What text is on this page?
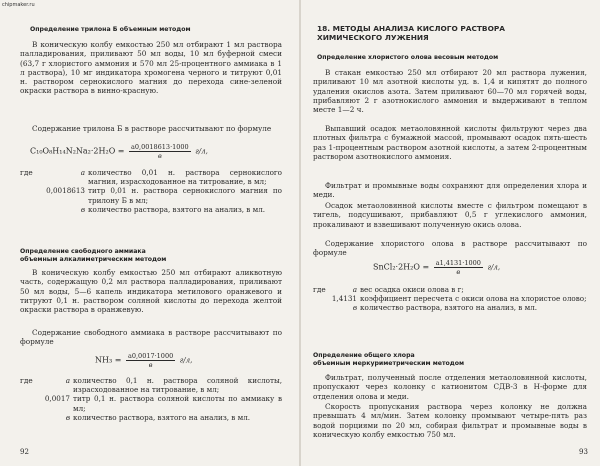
chipmaker.ru
Определение трилона Б объемным методом
В коническую колбу емкостью 250 мл отбирают 1 мл раствора палладирования, приливают 50 мл воды, 10 мл буферной смеси (63,7 г хлористого аммония и 570 мл 25-процентного аммиака в 1 л раствора), 10 мг индикатора хромогена черного и титруют 0,01 н. раствором сернокислого магния до перехода сине-зеленой окраски раствора в винно-красную.
Содержание трилона Б в растворе рассчитывают по формуле
$C_{10}O_8H_{14}N_2Na_2\cdot 2H_2O = \frac{a0,0018613\cdot 1000}{в} г/л$,
где	а количество 0,01 н. раствора сернокислого магния, израсходованное на титрование, в мл;
0,0018613 титр 0,01 н. раствора сернокислого магния по трилону Б в мл;
в количество раствора, взятого на анализ, в мл.
Определение свободного аммиака
объемным алкалиметрическим методом
В коническую колбу емкостью 250 мл отбирают аликвотную часть, содержащую 0,2 мл раствора палладирования, приливают 50 мл воды, 5—6 капель индикатора метилового оранжевого и титруют 0,1 н. раствором соляной кислоты до перехода желтой окраски раствора в оранжевую.
Содержание свободного аммиака в растворе рассчитывают по формуле
$NH_3 = \frac{a0,0017\cdot 1000}{в} г/л$,
где	а количество 0,1 н. раствора соляной кислоты, израсходованное на титрование, в мл;
0,0017 титр 0,1 н. раствора соляной кислоты по аммиаку в мл;
в количество раствора, взятого на анализ, в мл.
92
18. МЕТОДЫ АНАЛИЗА КИСЛОГО РАСТВОРА ХИМИЧЕСКОГО ЛУЖЕНИЯ
Определение хлористого олова весовым методом
В стакан емкостью 250 мл отбирают 20 мл раствора лужения, приливают 10 мл азотной кислоты уд. в. 1,4 и кипятят до полного удаления окислов азота. Затем приливают 60—70 мл горячей воды, прибавляют 2 г азотнокислого аммония и выдерживают в теплом месте 1—2 ч.
Выпавший осадок метаоловянной кислоты фильтруют через два плотных фильтра с бумажной массой, промывают осадок пять-шесть раз 1-процентным раствором азотной кислоты, а затем 2-процентным раствором азотнокислого аммония.
Фильтрат и промывные воды сохраняют для определения хлора и меди.
Осадок метаоловянной кислоты вместе с фильтром помещают в тигель, подсушивают, прибавляют 0,5 г углекислого аммония, прокаливают и взвешивают полученную окись олова.
Содержание хлористого олова в растворе рассчитывают по формуле
SnCl₂·2H₂O = $\frac{a1,4131\cdot 1000}{в} г/л$,
где	а вес осадка окиси олова в г;
1,4131 коэффициент пересчета с окиси олова на хлористое олово;
в количество раствора, взятого на анализ, в мл.
Определение общего хлора
объемным меркуриметрическим методом
Фильтрат, полученный после отделения метаоловянной кислоты, пропускают через колонку с катионитом СДВ-3 в Н-форме для отделения олова и меди.
Скорость пропускания раствора через колонку не должна превышать 4 мл/мин. Затем колонку промывают четыре-пять раз водой порциями по 20 мл, собирая фильтрат и промывные воды в коническую колбу емкостью 750 мл.
93
